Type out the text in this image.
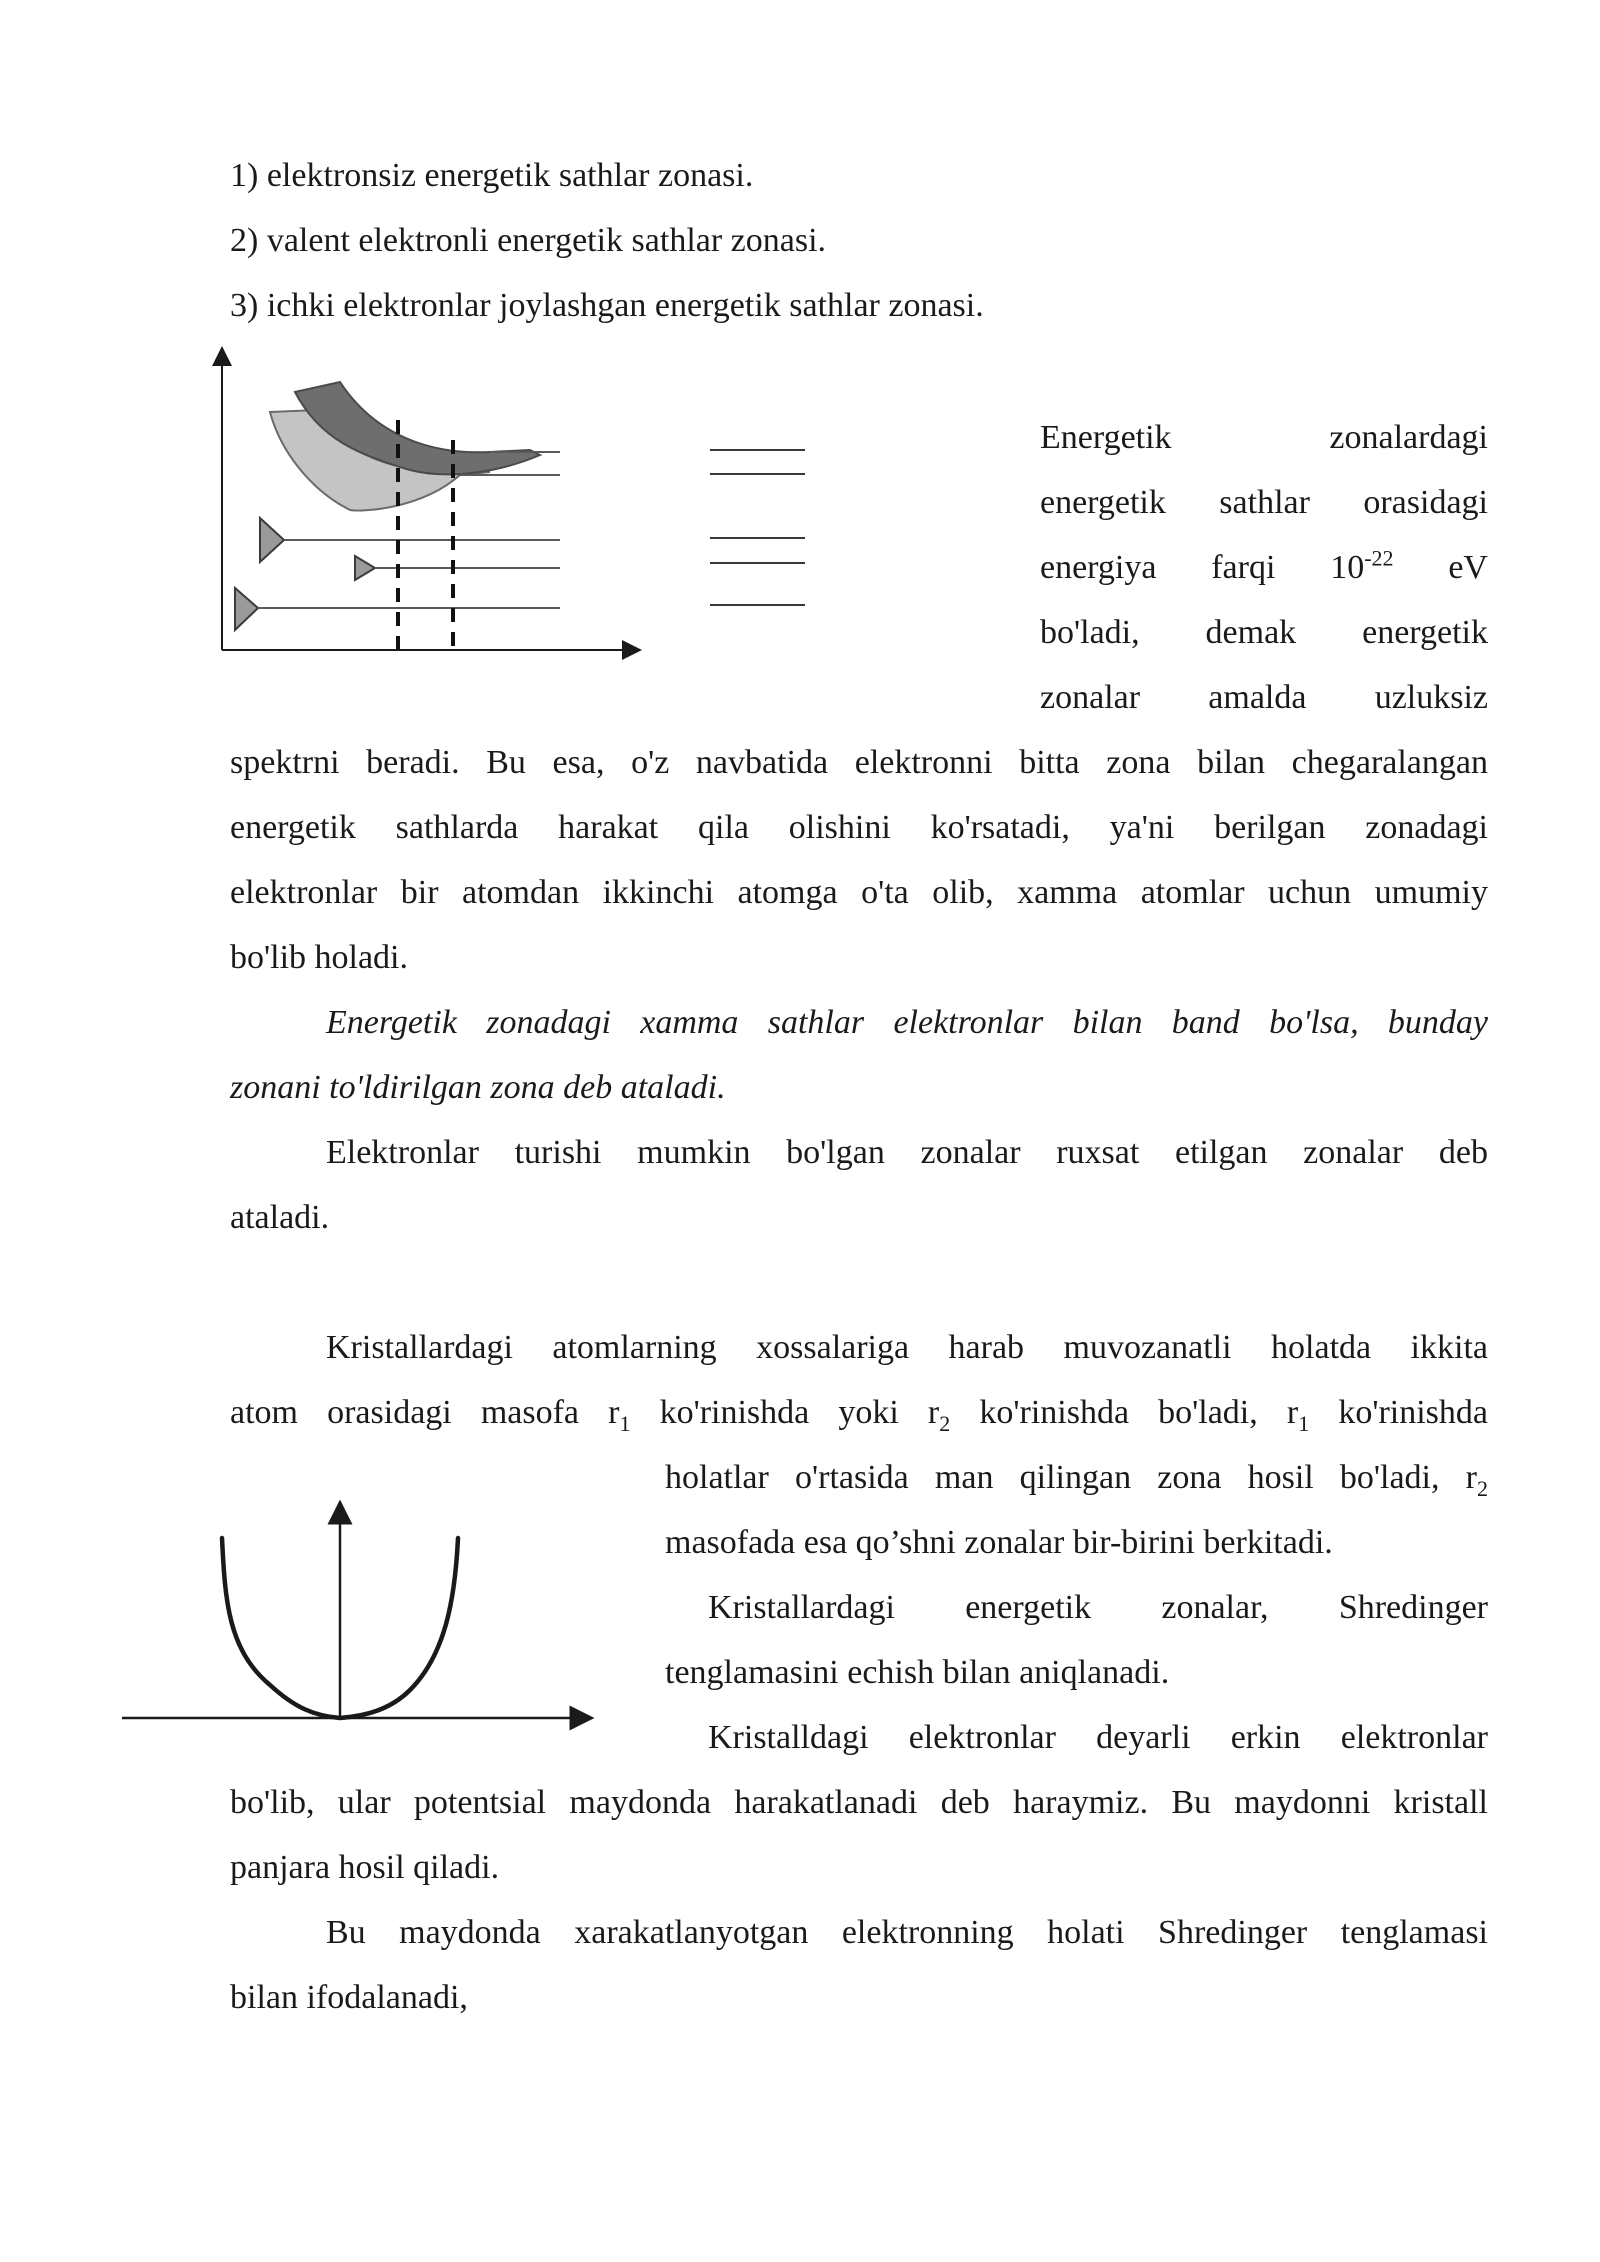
1) elektronsiz energetik sathlar zonasi.
2) valent elektronli energetik sathlar zonasi.
3) ichki elektronlar joylashgan energetik sathlar zonasi.
Energetik	zonalardagi
energetik sathlar orasidagi
energiya farqi $10^{-22}$ eV
bo'ladi, demak energetik
zonalar amalda uzluksiz
spektrni beradi. Bu esa, o'z navbatida elektronni bitta zona bilan chegaralangan
energetik sathlarda harakat qila olishini ko'rsatadi, ya'ni berilgan zonadagi
elektronlar bir atomdan ikkinchi atomga o'ta olib, xamma atomlar uchun umumiy
bo'lib holadi.
Energetik zonadagi xamma sathlar elektronlar bilan band bo'lsa, bunday
zonani to'ldirilgan zona deb ataladi.
Elektronlar turishi mumkin bo'lgan zonalar ruxsat etilgan zonalar deb
ataladi.
Kristallardagi atomlarning xossalariga harab muvozanatli holatda ikkita
atom orasidagi masofa $r_1$ ko'rinishda yoki $r_2$ ko'rinishda bo'ladi, $r_1$ ko'rinishda
holatlar o'rtasida man qilingan zona hosil bo'ladi, $r_2$
masofada esa qo’shni zonalar bir-birini berkitadi.
Kristallardagi energetik zonalar, Shredinger
tenglamasini echish bilan aniqlanadi.
Kristalldagi elektronlar deyarli erkin elektronlar
bo'lib, ular potentsial maydonda harakatlanadi deb haraymiz. Bu maydonni kristall
panjara hosil qiladi.
Bu maydonda xarakatlanyotgan elektronning holati Shredinger tenglamasi
bilan ifodalanadi,
